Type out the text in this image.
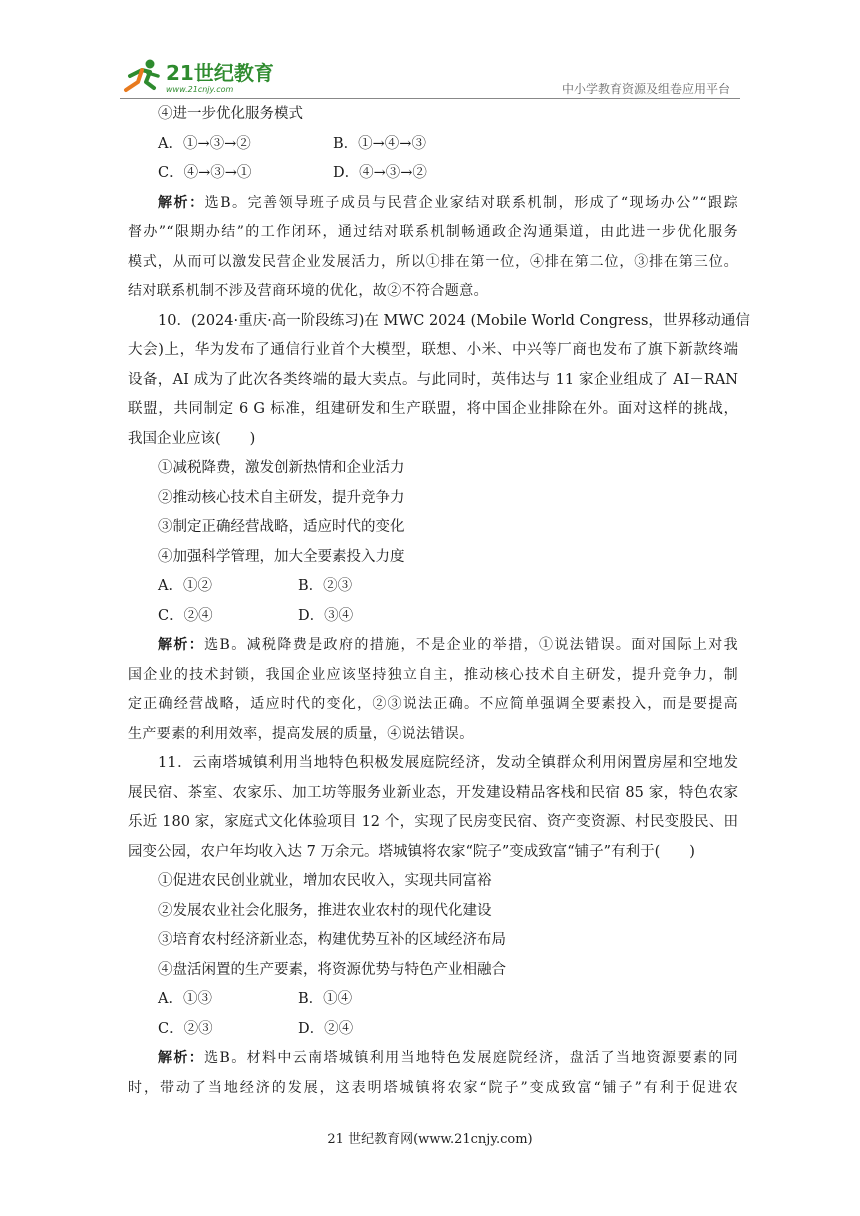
21世纪教育
www.21cnjy.com	中小学教育资源及组卷应用平台
④进一步优化服务模式
A．①→③→②	B．①→④→③
C．④→③→①	D．④→③→②
解析：选B。完善领导班子成员与民营企业家结对联系机制，形成了“现场办公”“跟踪
督办”“限期办结”的工作闭环，通过结对联系机制畅通政企沟通渠道，由此进一步优化服务
模式，从而可以激发民营企业发展活力，所以①排在第一位，④排在第二位，③排在第三位。
结对联系机制不涉及营商环境的优化，故②不符合题意。
10．(2024·重庆·高一阶段练习)在 MWC 2024 (Mobile World Congress，世界移动通信
大会)上，华为发布了通信行业首个大模型，联想、小米、中兴等厂商也发布了旗下新款终端
设备，AI 成为了此次各类终端的最大卖点。与此同时，英伟达与 11 家企业组成了 AI－RAN
联盟，共同制定 6 G 标准，组建研发和生产联盟，将中国企业排除在外。面对这样的挑战，
我国企业应该(　　)
①减税降费，激发创新热情和企业活力
②推动核心技术自主研发，提升竞争力
③制定正确经营战略，适应时代的变化
④加强科学管理，加大全要素投入力度
A．①②	B．②③
C．②④	D．③④
解析：选B。减税降费是政府的措施，不是企业的举措，①说法错误。面对国际上对我
国企业的技术封锁，我国企业应该坚持独立自主，推动核心技术自主研发，提升竞争力，制
定正确经营战略，适应时代的变化，②③说法正确。不应简单强调全要素投入，而是要提高
生产要素的利用效率，提高发展的质量，④说法错误。
11．云南塔城镇利用当地特色积极发展庭院经济，发动全镇群众利用闲置房屋和空地发
展民宿、茶室、农家乐、加工坊等服务业新业态，开发建设精品客栈和民宿 85 家，特色农家
乐近 180 家，家庭式文化体验项目 12 个，实现了民房变民宿、资产变资源、村民变股民、田
园变公园，农户年均收入达 7 万余元。塔城镇将农家“院子”变成致富“铺子”有利于(　　)
①促进农民创业就业，增加农民收入，实现共同富裕
②发展农业社会化服务，推进农业农村的现代化建设
③培育农村经济新业态，构建优势互补的区域经济布局
④盘活闲置的生产要素，将资源优势与特色产业相融合
A．①③	B．①④
C．②③	D．②④
解析：选B。材料中云南塔城镇利用当地特色发展庭院经济，盘活了当地资源要素的同
时，带动了当地经济的发展，这表明塔城镇将农家“院子”变成致富“铺子”有利于促进农
21 世纪教育网(www.21cnjy.com)
